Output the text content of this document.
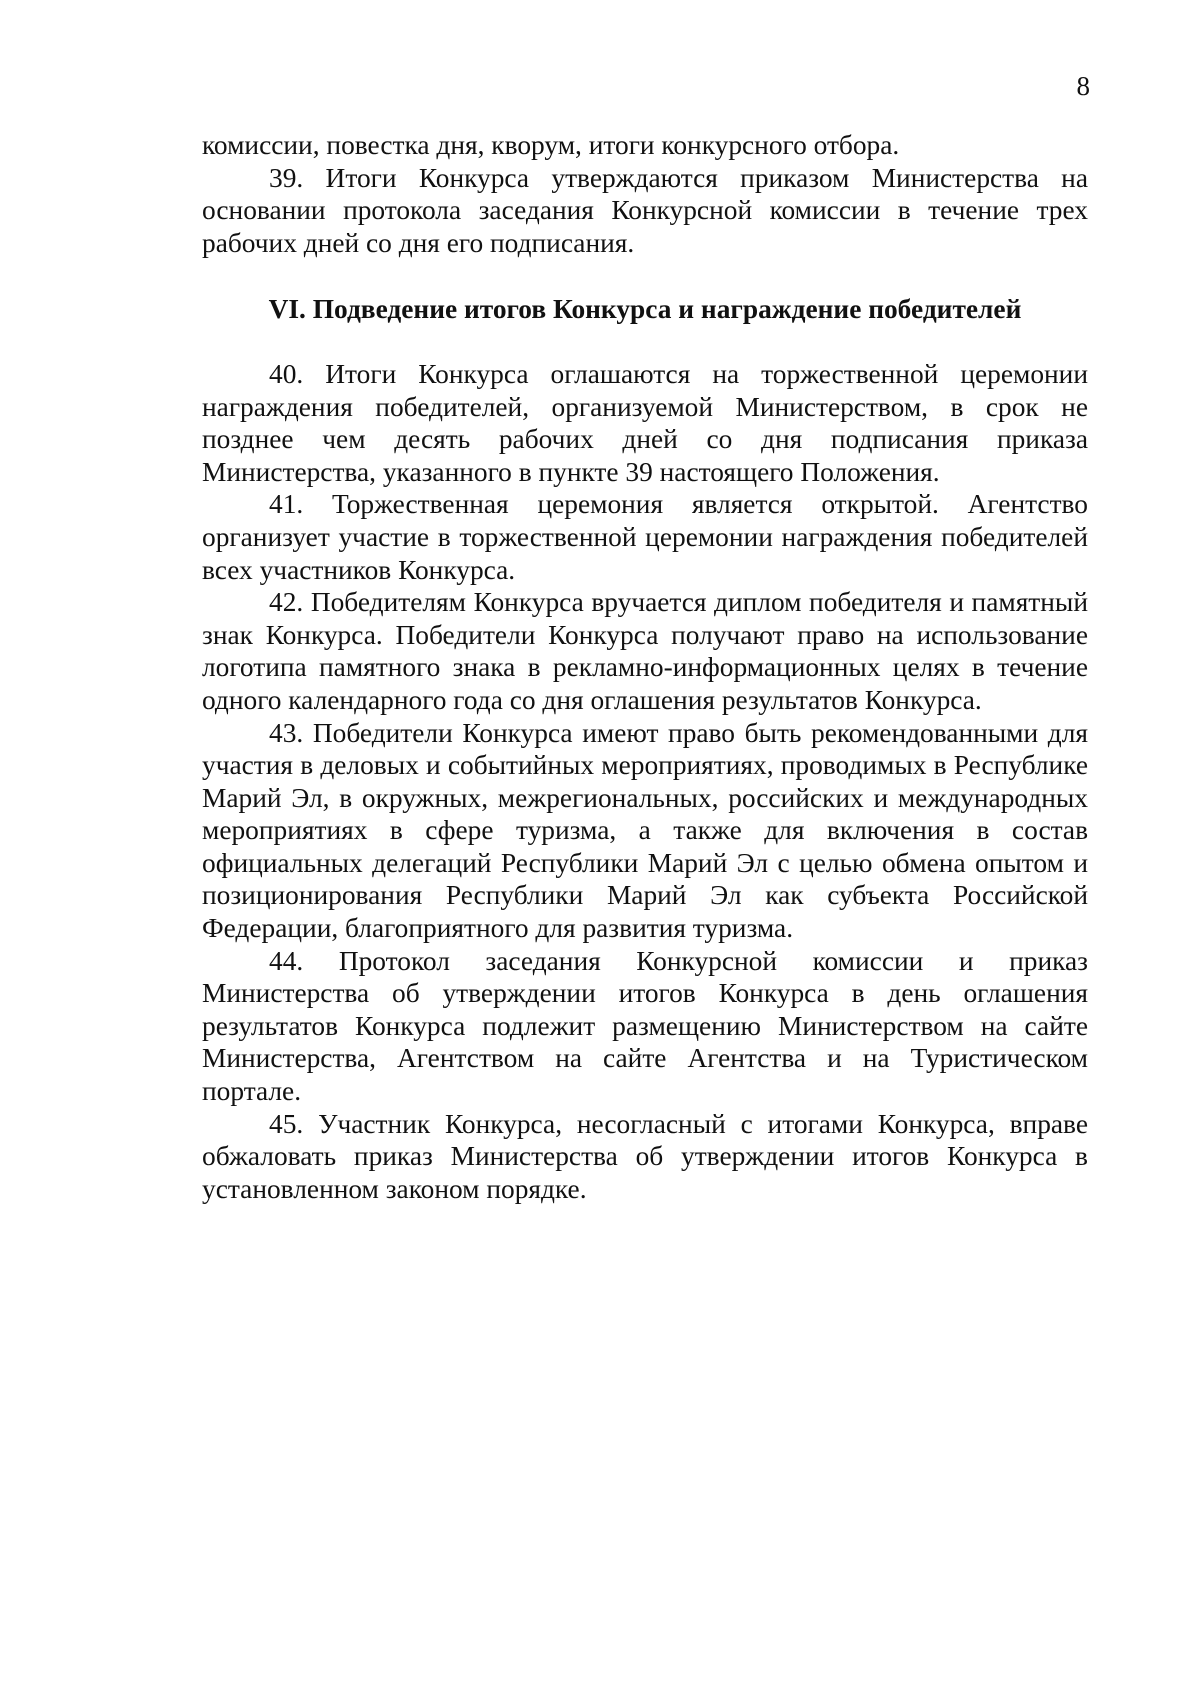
8

комиссии, повестка дня, кворум, итоги конкурсного отбора.

39. Итоги Конкурса утверждаются приказом Министерства на основании протокола заседания Конкурсной комиссии в течение трех рабочих дней со дня его подписания.

VI. Подведение итогов Конкурса и награждение победителей

40. Итоги Конкурса оглашаются на торжественной церемонии награждения победителей, организуемой Министерством, в срок не позднее чем десять рабочих дней со дня подписания приказа Министерства, указанного в пункте 39 настоящего Положения.

41. Торжественная церемония является открытой. Агентство организует участие в торжественной церемонии награждения победителей всех участников Конкурса.

42. Победителям Конкурса вручается диплом победителя и памятный знак Конкурса. Победители Конкурса получают право на использование логотипа памятного знака в рекламно-информационных целях в течение одного календарного года со дня оглашения результатов Конкурса.

43. Победители Конкурса имеют право быть рекомендованными для участия в деловых и событийных мероприятиях, проводимых в Республике Марий Эл, в окружных, межрегиональных, российских и международных мероприятиях в сфере туризма, а также для включения в состав официальных делегаций Республики Марий Эл с целью обмена опытом и позиционирования Республики Марий Эл как субъекта Российской Федерации, благоприятного для развития туризма.

44. Протокол заседания Конкурсной комиссии и приказ Министерства об утверждении итогов Конкурса в день оглашения результатов Конкурса подлежит размещению Министерством на сайте Министерства, Агентством на сайте Агентства и на Туристическом портале.

45. Участник Конкурса, несогласный с итогами Конкурса, вправе обжаловать приказ Министерства об утверждении итогов Конкурса в установленном законом порядке.
